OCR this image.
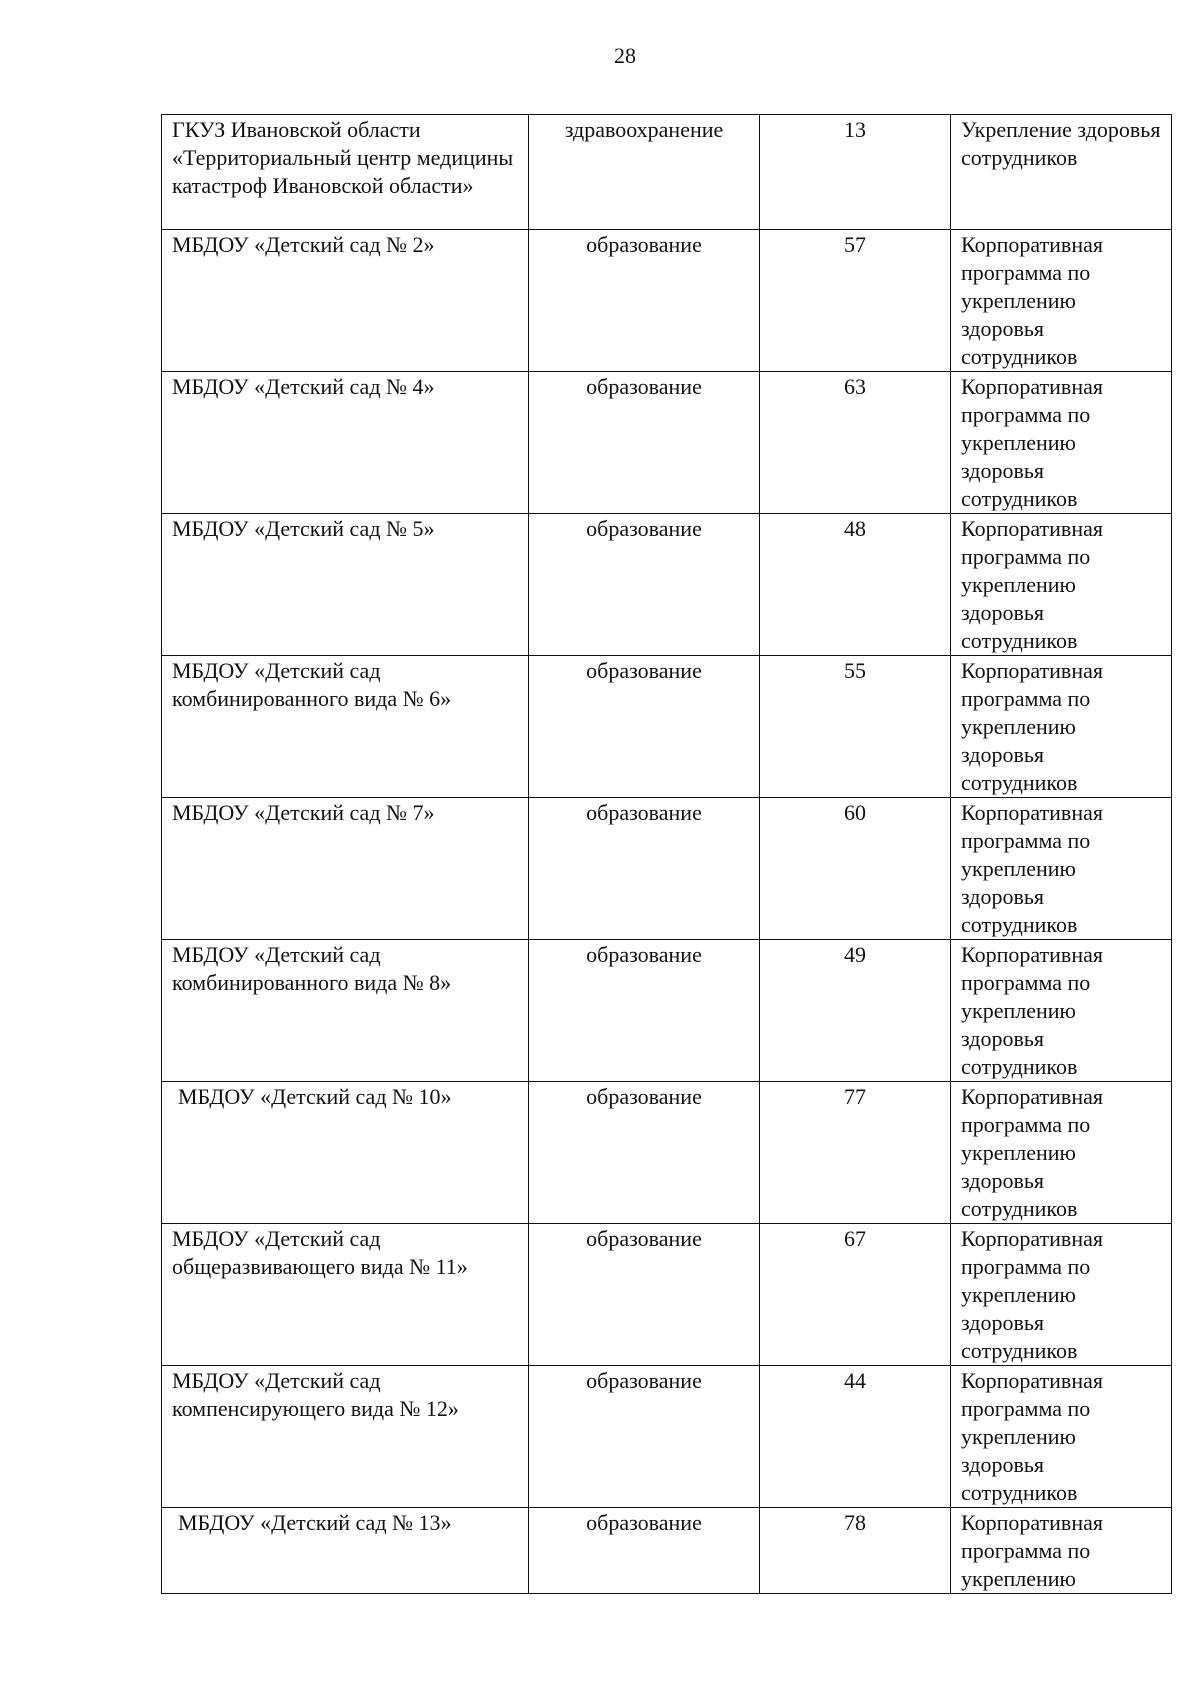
28
ГКУЗ Ивановской области «Территориальный центр медицины катастроф Ивановской области»	здравоохранение	13	Укрепление здоровья сотрудников
МБДОУ «Детский сад № 2»	образование	57	Корпоративная программа по укреплению здоровья сотрудников
МБДОУ «Детский сад № 4»	образование	63	Корпоративная программа по укреплению здоровья сотрудников
МБДОУ «Детский сад № 5»	образование	48	Корпоративная программа по укреплению здоровья сотрудников
МБДОУ «Детский сад комбинированного вида № 6»	образование	55	Корпоративная программа по укреплению здоровья сотрудников
МБДОУ «Детский сад № 7»	образование	60	Корпоративная программа по укреплению здоровья сотрудников
МБДОУ «Детский сад комбинированного вида № 8»	образование	49	Корпоративная программа по укреплению здоровья сотрудников
МБДОУ «Детский сад № 10»	образование	77	Корпоративная программа по укреплению здоровья сотрудников
МБДОУ «Детский сад общеразвивающего вида № 11»	образование	67	Корпоративная программа по укреплению здоровья сотрудников
МБДОУ «Детский сад компенсирующего вида № 12»	образование	44	Корпоративная программа по укреплению здоровья сотрудников
МБДОУ «Детский сад № 13»	образование	78	Корпоративная программа по укреплению
